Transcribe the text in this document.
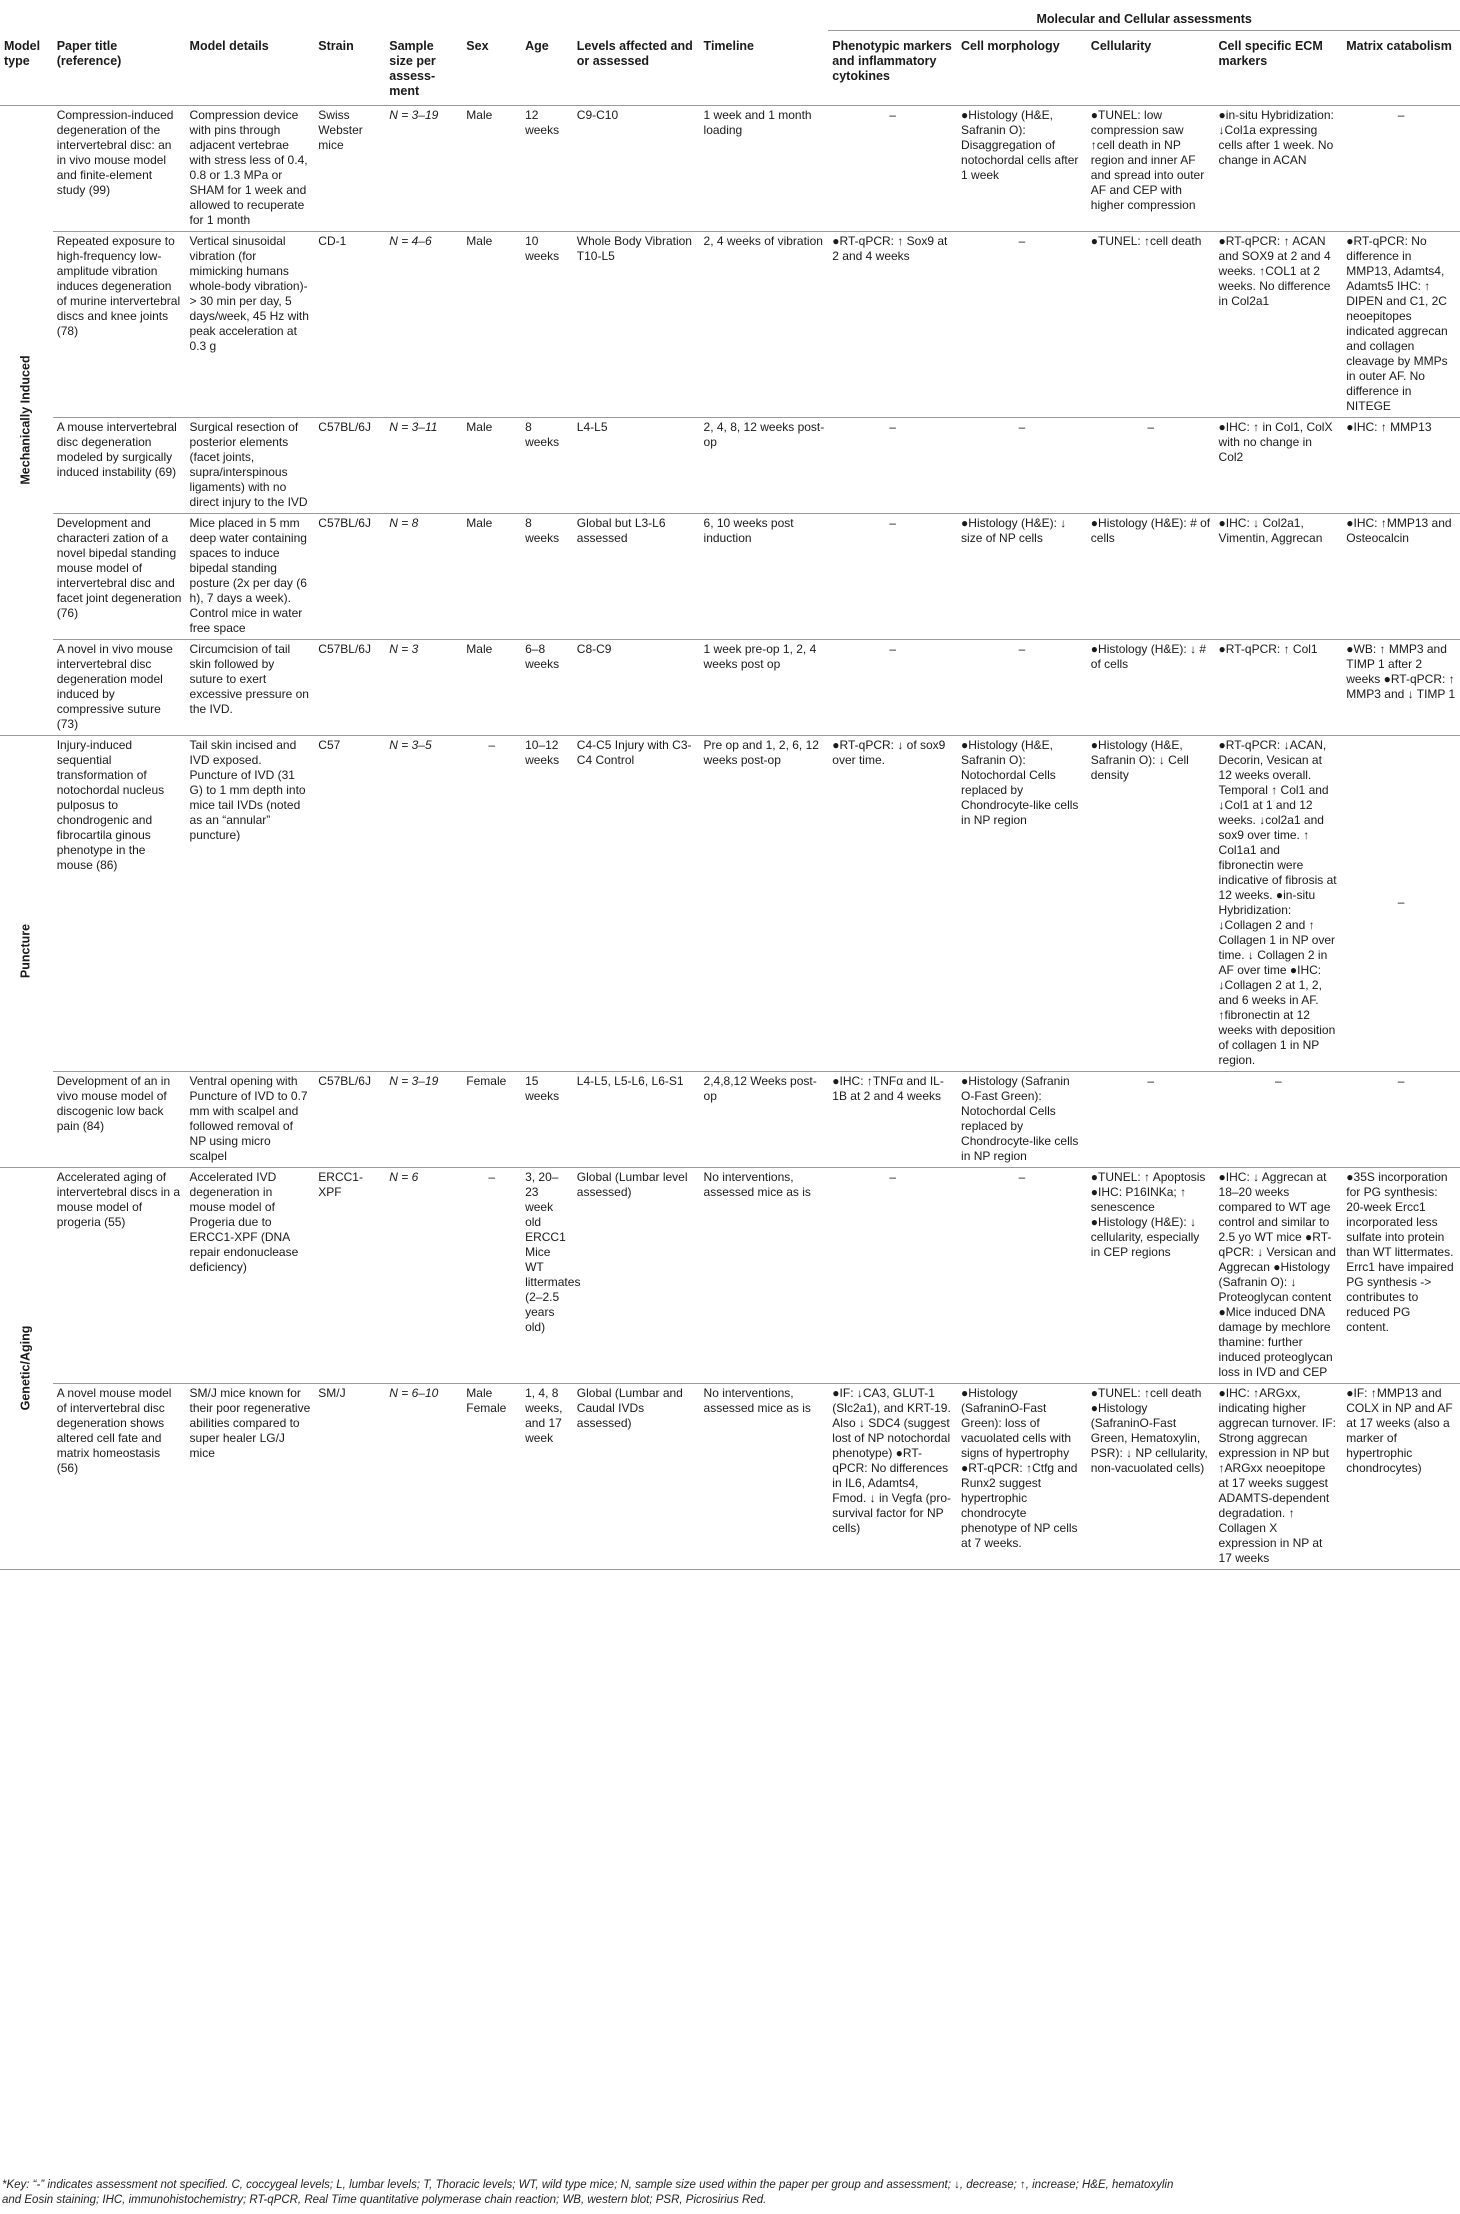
									Molecular and Cellular assessments				
Model type	Paper title (reference)	Model details	Strain	Sample size per assess-ment	Sex	Age	Levels affected and or assessed	Timeline	Phenotypic markers and inflammatory cytokines	Cell morphology	Cellularity	Cell specific ECM markers	Matrix catabolism

Mechanically Induced	Compression-induced degeneration of the intervertebral disc: an in vivo mouse model and finite-element study (99)	Compression device with pins through adjacent vertebrae with stress less of 0.4, 0.8 or 1.3 MPa or SHAM for 1 week and allowed to recuperate for 1 month	Swiss Webster mice	N = 3–19	Male	12 weeks	C9-C10	1 week and 1 month loading	–	●Histology (H&E, Safranin O): Disaggregation of notochordal cells after 1 week	●TUNEL: low compression saw ↑cell death in NP region and inner AF and spread into outer AF and CEP with higher compression	●in-situ Hybridization: ↓Col1a expressing cells after 1 week. No change in ACAN	–
	Repeated exposure to high-frequency low-amplitude vibration induces degeneration of murine intervertebral discs and knee joints (78)	Vertical sinusoidal vibration (for mimicking humans whole-body vibration)-> 30 min per day, 5 days/week, 45 Hz with peak acceleration at 0.3 g	CD-1	N = 4–6	Male	10 weeks	Whole Body Vibration T10-L5	2, 4 weeks of vibration	●RT-qPCR: ↑ Sox9 at 2 and 4 weeks	–	●TUNEL: ↑cell death	●RT-qPCR: ↑ ACAN and SOX9 at 2 and 4 weeks. ↑COL1 at 2 weeks. No difference in Col2a1	●RT-qPCR: No difference in MMP13, Adamts4, Adamts5 IHC: ↑ DIPEN and C1, 2C neoepitopes indicated aggrecan and collagen cleavage by MMPs in outer AF. No difference in NITEGE
	A mouse intervertebral disc degeneration modeled by surgically induced instability (69)	Surgical resection of posterior elements (facet joints, supra/interspinous ligaments) with no direct injury to the IVD	C57BL/6J	N = 3–11	Male	8 weeks	L4-L5	2, 4, 8, 12 weeks post-op	–	–	–	●IHC: ↑ in Col1, ColX with no change in Col2	●IHC: ↑ MMP13
	Development and characteri zation of a novel bipedal standing mouse model of intervertebral disc and facet joint degeneration (76)	Mice placed in 5 mm deep water containing spaces to induce bipedal standing posture (2x per day (6 h), 7 days a week). Control mice in water free space	C57BL/6J	N = 8	Male	8 weeks	Global but L3-L6 assessed	6, 10 weeks post induction	–	●Histology (H&E): ↓ size of NP cells	●Histology (H&E): # of cells	●IHC: ↓ Col2a1, Vimentin, Aggrecan	●IHC: ↑MMP13 and Osteocalcin
	A novel in vivo mouse intervertebral disc degeneration model induced by compressive suture (73)	Circumcision of tail skin followed by suture to exert excessive pressure on the IVD.	C57BL/6J	N = 3	Male	6–8 weeks	C8-C9	1 week pre-op 1, 2, 4 weeks post op	–	–	●Histology (H&E): ↓ # of cells	●RT-qPCR: ↑ Col1	●WB: ↑ MMP3 and TIMP 1 after 2 weeks ●RT-qPCR: ↑ MMP3 and ↓ TIMP 1

Puncture	Injury-induced sequential transformation of notochordal nucleus pulposus to chondrogenic and fibrocartila ginous phenotype in the mouse (86)	Tail skin incised and IVD exposed. Puncture of IVD (31 G) to 1 mm depth into mice tail IVDs (noted as an “annular” puncture)	C57	N = 3–5	–	10–12 weeks	C4-C5 Injury with C3-C4 Control	Pre op and 1, 2, 6, 12 weeks post-op	●RT-qPCR: ↓ of sox9 over time.	●Histology (H&E, Safranin O): Notochordal Cells replaced by Chondrocyte-like cells in NP region	●Histology (H&E, Safranin O): ↓ Cell density	●RT-qPCR: ↓ACAN, Decorin, Vesican at 12 weeks overall. Temporal ↑ Col1 and ↓Col1 at 1 and 12 weeks. ↓col2a1 and sox9 over time. ↑ Col1a1 and fibronectin were indicative of fibrosis at 12 weeks. ●in-situ Hybridization: ↓Collagen 2 and ↑ Collagen 1 in NP over time. ↓ Collagen 2 in AF over time ●IHC: ↓Collagen 2 at 1, 2, and 6 weeks in AF. ↑fibronectin at 12 weeks with deposition of collagen 1 in NP region.	–
	Development of an in vivo mouse model of discogenic low back pain (84)	Ventral opening with Puncture of IVD to 0.7 mm with scalpel and followed removal of NP using micro scalpel	C57BL/6J	N = 3–19	Female	15 weeks	L4-L5, L5-L6, L6-S1	2,4,8,12 Weeks post-op	●IHC: ↑TNFα and IL-1B at 2 and 4 weeks	●Histology (Safranin O-Fast Green): Notochordal Cells replaced by Chondrocyte-like cells in NP region	–	–	–

Genetic/Aging	Accelerated aging of intervertebral discs in a mouse model of progeria (55)	Accelerated IVD degeneration in mouse model of Progeria due to ERCC1-XPF (DNA repair endonuclease deficiency)	ERCC1-XPF	N = 6	–	3, 20–23 week old ERCC1 Mice WT littermates (2–2.5 years old)	Global (Lumbar level assessed)	No interventions, assessed mice as is	–	–	●TUNEL: ↑ Apoptosis ●IHC: P16INKa; ↑ senescence ●Histology (H&E): ↓ cellularity, especially in CEP regions	●IHC: ↓ Aggrecan at 18–20 weeks compared to WT age control and similar to 2.5 yo WT mice ●RT-qPCR: ↓ Versican and Aggrecan ●Histology (Safranin O): ↓ Proteoglycan content ●Mice induced DNA damage by mechlore thamine: further induced proteoglycan loss in IVD and CEP	●35S incorporation for PG synthesis: 20-week Ercc1 incorporated less sulfate into protein than WT littermates. Errc1 have impaired PG synthesis -> contributes to reduced PG content.
	A novel mouse model of intervertebral disc degeneration shows altered cell fate and matrix homeostasis (56)	SM/J mice known for their poor regenerative abilities compared to super healer LG/J mice	SM/J	N = 6–10	Male Female	1, 4, 8 weeks, and 17 week	Global (Lumbar and Caudal IVDs assessed)	No interventions, assessed mice as is	●IF: ↓CA3, GLUT-1 (Slc2a1), and KRT-19. Also ↓ SDC4 (suggest lost of NP notochordal phenotype) ●RT-qPCR: No differences in IL6, Adamts4, Fmod. ↓ in Vegfa (pro-survival factor for NP cells)	●Histology (SafraninO-Fast Green): loss of vacuolated cells with signs of hypertrophy ●RT-qPCR: ↑Ctfg and Runx2 suggest hypertrophic chondrocyte phenotype of NP cells at 7 weeks.	●TUNEL: ↑cell death ●Histology (SafraninO-Fast Green, Hematoxylin, PSR): ↓ NP cellularity, non-vacuolated cells)	●IHC: ↑ARGxx, indicating higher aggrecan turnover. IF: Strong aggrecan expression in NP but ↑ARGxx neoepitope at 17 weeks suggest ADAMTS-dependent degradation. ↑ Collagen X expression in NP at 17 weeks	●IF: ↑MMP13 and COLX in NP and AF at 17 weeks (also a marker of hypertrophic chondrocytes)
*Key: “-” indicates assessment not specified. C, coccygeal levels; L, lumbar levels; T, Thoracic levels; WT, wild type mice; N, sample size used within the paper per group and assessment; ↓, decrease; ↑, increase; H&E, hematoxylin
and Eosin staining; IHC, immunohistochemistry; RT-qPCR, Real Time quantitative polymerase chain reaction; WB, western blot; PSR, Picrosirius Red.
